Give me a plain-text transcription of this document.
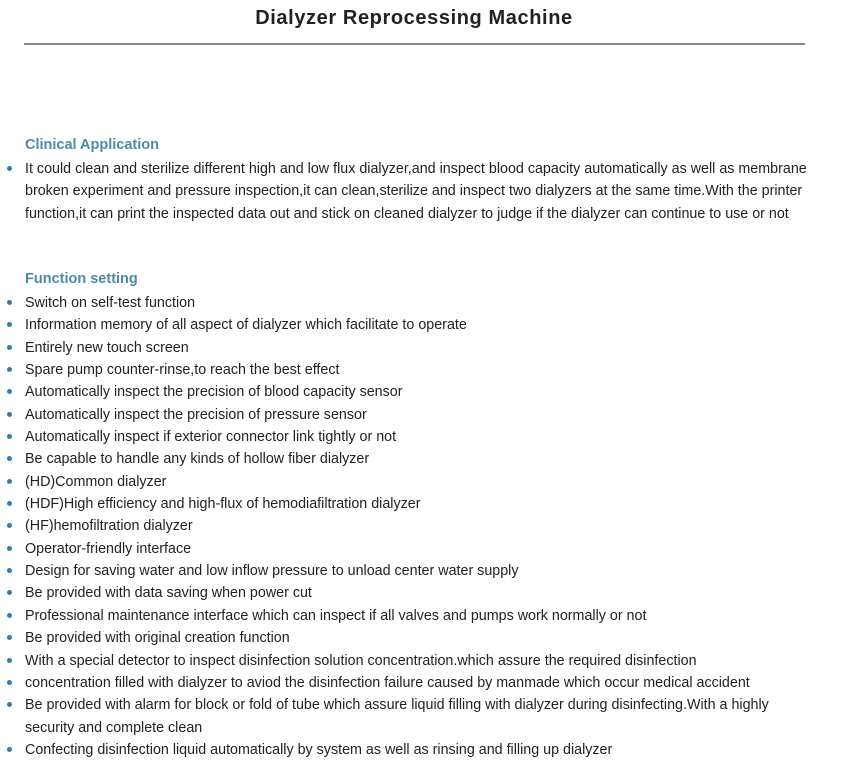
Dialyzer Reprocessing Machine
Clinical Application
It could clean and sterilize different high and low flux dialyzer,and inspect blood capacity automatically as well as membrane broken experiment and pressure inspection,it can clean,sterilize and inspect two dialyzers at the same time.With the printer function,it can print the inspected data out and stick on cleaned dialyzer to judge if the dialyzer can continue to use or not
Function setting
Switch on self-test function
Information memory of all aspect of dialyzer which facilitate to operate
Entirely new touch screen
Spare pump counter-rinse,to reach the best effect
Automatically inspect the precision of blood capacity sensor
Automatically inspect the precision of pressure sensor
Automatically inspect if exterior connector link tightly or not
Be capable to handle any kinds of hollow fiber dialyzer
(HD)Common dialyzer
(HDF)High efficiency and high-flux of hemodiafiltration dialyzer
(HF)hemofiltration dialyzer
Operator-friendly interface
Design for saving water and low inflow pressure to unload center water supply
Be provided with data saving when power cut
Professional maintenance interface which can inspect if all valves and pumps work normally or not
Be provided with original creation function
With a special detector to inspect disinfection solution concentration.which assure the required disinfection
concentration filled with dialyzer to aviod the disinfection failure caused by manmade which occur medical accident
Be provided with alarm for block or fold of tube which assure liquid filling with dialyzer during disinfecting.With a highly security and complete clean
Confecting disinfection liquid automatically by system as well as rinsing and filling up dialyzer
